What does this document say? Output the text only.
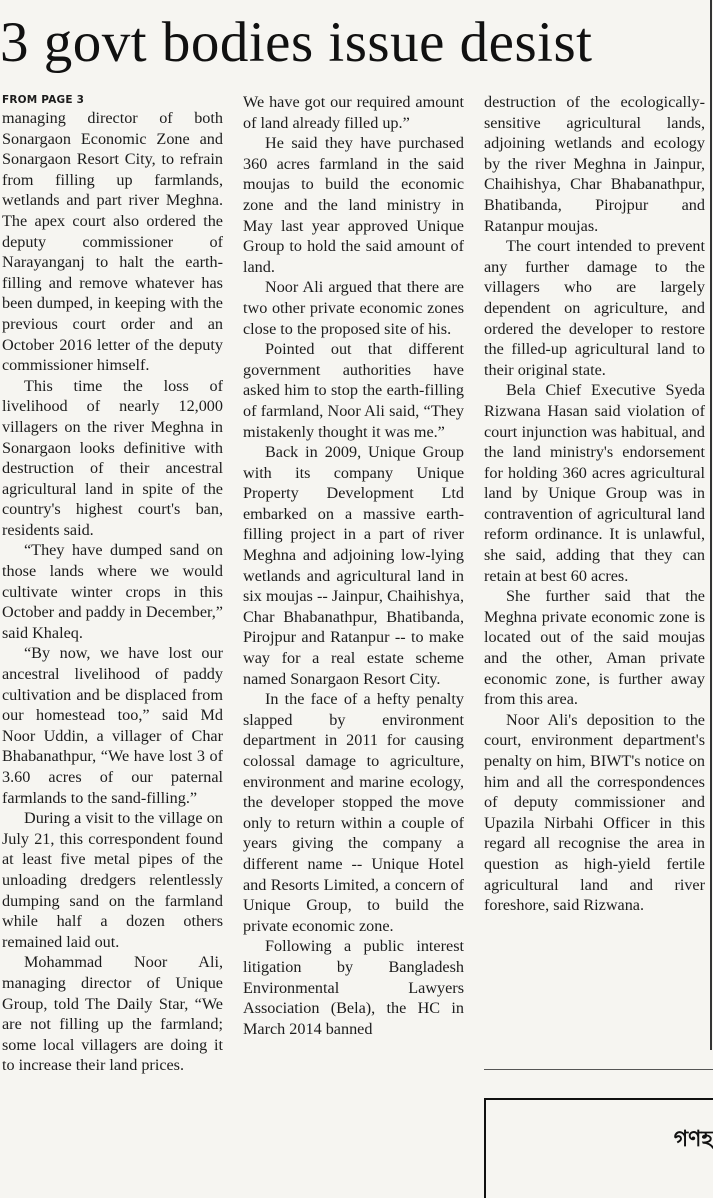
3 govt bodies issue desist

FROM PAGE 3
managing director of both Sonargaon Economic Zone and Sonargaon Resort City, to refrain from filling up farmlands, wetlands and part river Meghna. The apex court also ordered the deputy commissioner of Narayanganj to halt the earth-filling and remove whatever has been dumped, in keeping with the previous court order and an October 2016 letter of the deputy commissioner himself.

This time the loss of livelihood of nearly 12,000 villagers on the river Meghna in Sonargaon looks definitive with destruction of their ancestral agricultural land in spite of the country's highest court's ban, residents said.

“They have dumped sand on those lands where we would cultivate winter crops in this October and paddy in December,” said Khaleq.

“By now, we have lost our ancestral livelihood of paddy cultivation and be displaced from our homestead too,” said Md Noor Uddin, a villager of Char Bhabanathpur, “We have lost 3 of 3.60 acres of our paternal farmlands to the sand-filling.”

During a visit to the village on July 21, this correspondent found at least five metal pipes of the unloading dredgers relentlessly dumping sand on the farmland while half a dozen others remained laid out.

Mohammad Noor Ali, managing director of Unique Group, told The Daily Star, “We are not filling up the farmland; some local villagers are doing it to increase their land prices.

We have got our required amount of land already filled up.”

He said they have purchased 360 acres farmland in the said moujas to build the economic zone and the land ministry in May last year approved Unique Group to hold the said amount of land.

Noor Ali argued that there are two other private economic zones close to the proposed site of his.

Pointed out that different government authorities have asked him to stop the earth-filling of farmland, Noor Ali said, “They mistakenly thought it was me.”

Back in 2009, Unique Group with its company Unique Property Development Ltd embarked on a massive earth-filling project in a part of river Meghna and adjoining low-lying wetlands and agricultural land in six moujas -- Jainpur, Chaihishya, Char Bhabanathpur, Bhatibanda, Pirojpur and Ratanpur -- to make way for a real estate scheme named Sonargaon Resort City.

In the face of a hefty penalty slapped by environment department in 2011 for causing colossal damage to agriculture, environment and marine ecology, the developer stopped the move only to return within a couple of years giving the company a different name -- Unique Hotel and Resorts Limited, a concern of Unique Group, to build the private economic zone.

Following a public interest litigation by Bangladesh Environmental Lawyers Association (Bela), the HC in March 2014 banned

destruction of the ecologically-sensitive agricultural lands, adjoining wetlands and ecology by the river Meghna in Jainpur, Chaihishya, Char Bhabanathpur, Bhatibanda, Pirojpur and Ratanpur moujas.

The court intended to prevent any further damage to the villagers who are largely dependent on agriculture, and ordered the developer to restore the filled-up agricultural land to their original state.

Bela Chief Executive Syeda Rizwana Hasan said violation of court injunction was habitual, and the land ministry's endorsement for holding 360 acres agricultural land by Unique Group was in contravention of agricultural land reform ordinance. It is unlawful, she said, adding that they can retain at best 60 acres.

She further said that the Meghna private economic zone is located out of the said moujas and the other, Aman private economic zone, is further away from this area.

Noor Ali's deposition to the court, environment department's penalty on him, BIWT's notice on him and all the correspondences of deputy commissioner and Upazila Nirbahi Officer in this regard all recognise the area in question as high-yield fertile agricultural land and river foreshore, said Rizwana.

গণহ
